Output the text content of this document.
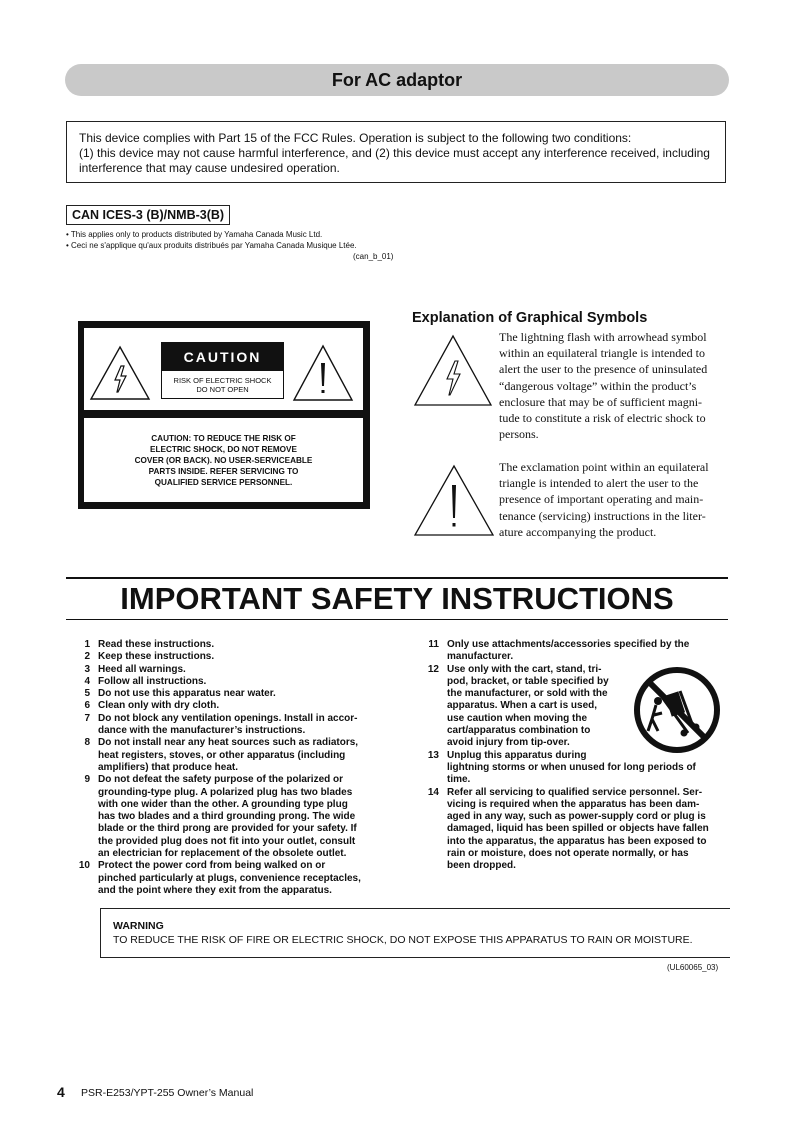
For AC adaptor
This device complies with Part 15 of the FCC Rules. Operation is subject to the following two conditions:
(1) this device may not cause harmful interference, and (2) this device must accept any interference received, including
interference that may cause undesired operation.
CAN ICES-3 (B)/NMB-3(B)
• This applies only to products distributed by Yamaha Canada Music Ltd.
• Ceci ne s'applique qu'aux produits distribués par Yamaha Canada Musique Ltée.
(can_b_01)
CAUTION
RISK OF ELECTRIC SHOCK
DO NOT OPEN
CAUTION: TO REDUCE THE RISK OF
ELECTRIC SHOCK, DO NOT REMOVE
COVER (OR BACK). NO USER-SERVICEABLE
PARTS INSIDE. REFER SERVICING TO
QUALIFIED SERVICE PERSONNEL.
Explanation of Graphical Symbols
The lightning flash with arrowhead symbol
within an equilateral triangle is intended to
alert the user to the presence of uninsulated
“dangerous voltage” within the product’s
enclosure that may be of sufficient magni-
tude to constitute a risk of electric shock to
persons.
The exclamation point within an equilateral
triangle is intended to alert the user to the
presence of important operating and main-
tenance (servicing) instructions in the liter-
ature accompanying the product.
IMPORTANT SAFETY INSTRUCTIONS
1 Read these instructions.
2 Keep these instructions.
3 Heed all warnings.
4 Follow all instructions.
5 Do not use this apparatus near water.
6 Clean only with dry cloth.
7 Do not block any ventilation openings. Install in accor-
dance with the manufacturer’s instructions.
8 Do not install near any heat sources such as radiators,
heat registers, stoves, or other apparatus (including
amplifiers) that produce heat.
9 Do not defeat the safety purpose of the polarized or
grounding-type plug. A polarized plug has two blades
with one wider than the other. A grounding type plug
has two blades and a third grounding prong. The wide
blade or the third prong are provided for your safety. If
the provided plug does not fit into your outlet, consult
an electrician for replacement of the obsolete outlet.
10 Protect the power cord from being walked on or
pinched particularly at plugs, convenience receptacles,
and the point where they exit from the apparatus.
11 Only use attachments/accessories specified by the
manufacturer.
12 Use only with the cart, stand, tri-
pod, bracket, or table specified by
the manufacturer, or sold with the
apparatus. When a cart is used,
use caution when moving the
cart/apparatus combination to
avoid injury from tip-over.
13 Unplug this apparatus during
lightning storms or when unused for long periods of
time.
14 Refer all servicing to qualified service personnel. Ser-
vicing is required when the apparatus has been dam-
aged in any way, such as power-supply cord or plug is
damaged, liquid has been spilled or objects have fallen
into the apparatus, the apparatus has been exposed to
rain or moisture, does not operate normally, or has
been dropped.
WARNING
TO REDUCE THE RISK OF FIRE OR ELECTRIC SHOCK, DO NOT EXPOSE THIS APPARATUS TO RAIN OR MOISTURE.
(UL60065_03)
4 PSR-E253/YPT-255 Owner’s Manual
